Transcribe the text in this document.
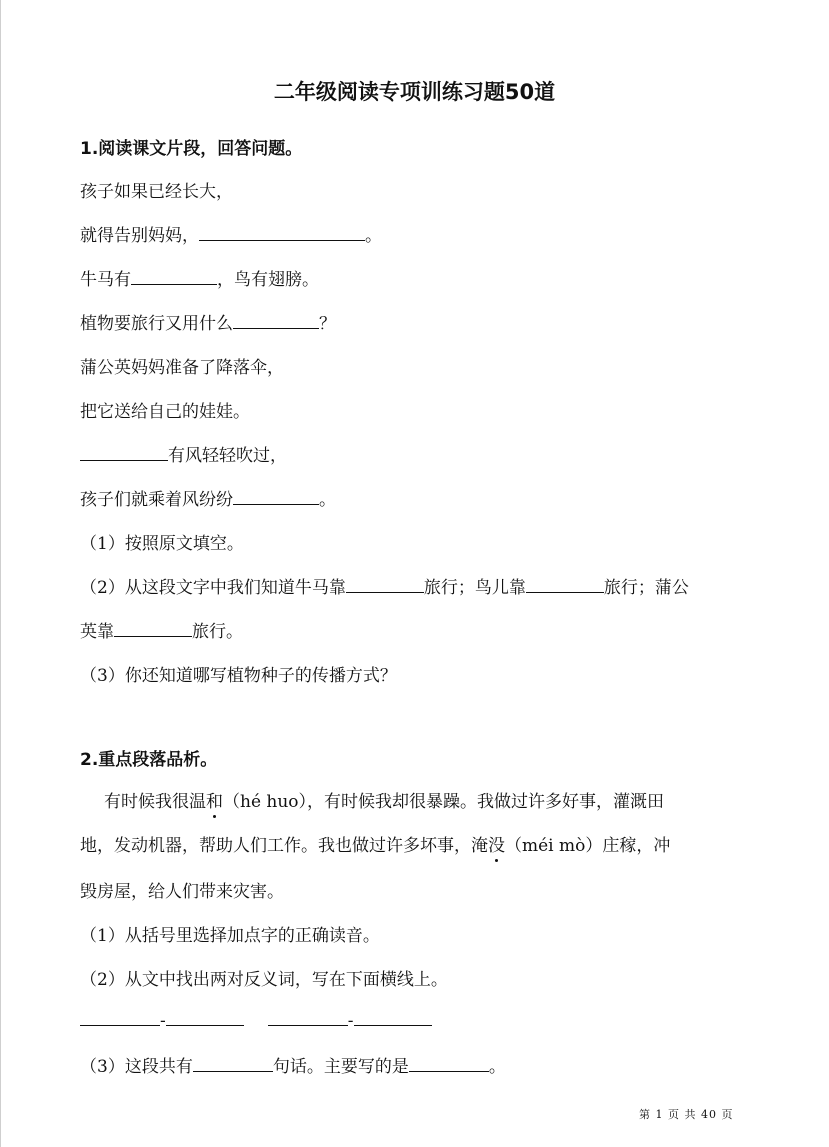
二年级阅读专项训练习题50道
1.阅读课文片段，回答问题。
孩子如果已经长大，
就得告别妈妈，	。
牛马有	，鸟有翅膀。
植物要旅行又用什么	？
蒲公英妈妈准备了降落伞，
把它送给自己的娃娃。
有风轻轻吹过，
孩子们就乘着风纷纷	。
（1）按照原文填空。
（2）从这段文字中我们知道牛马靠	旅行；鸟儿靠	旅行；蒲公
英靠	旅行。
（3）你还知道哪写植物种子的传播方式？
2.重点段落品析。
有时候我很温和（hé huo），有时候我却很暴躁。我做过许多好事，灌溉田
地，发动机器，帮助人们工作。我也做过许多坏事，淹没（méi mò）庄稼，冲
毁房屋，给人们带来灾害。
（1）从括号里选择加点字的正确读音。
（2）从文中找出两对反义词，写在下面横线上。
-	-
（3）这段共有	句话。主要写的是	。
第 1 页 共 40 页
